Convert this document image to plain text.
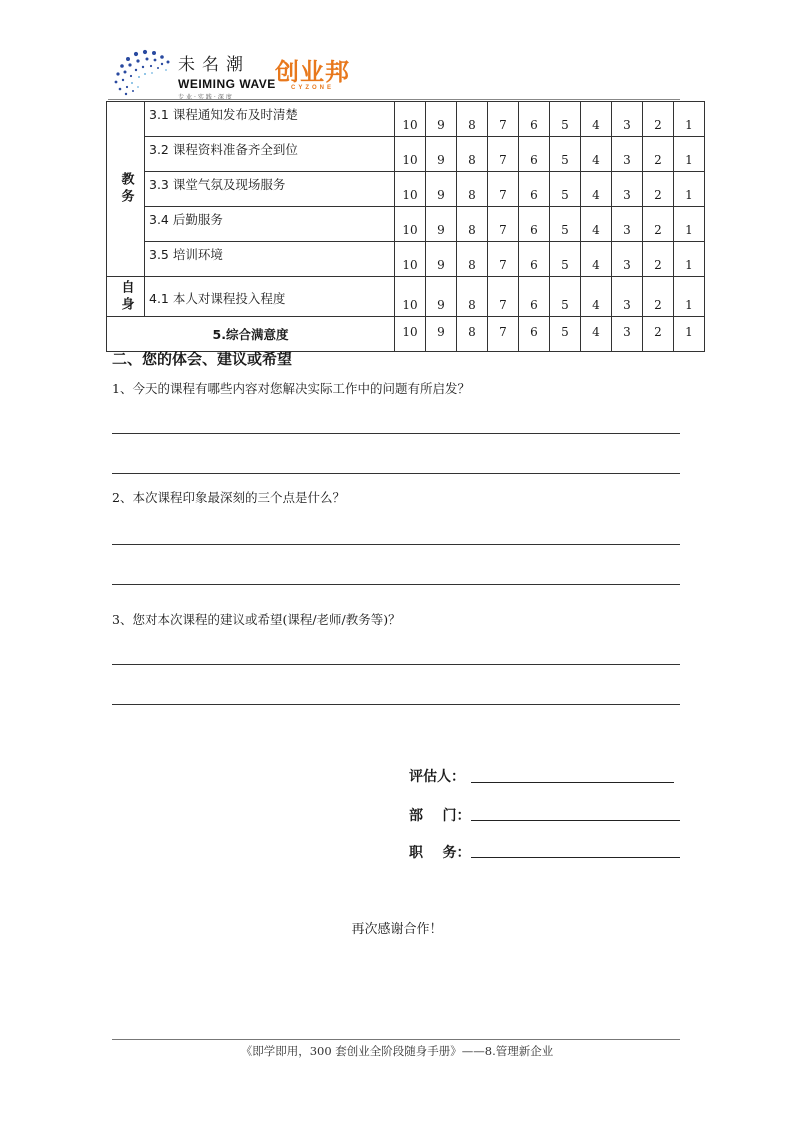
未名潮
WEIMING WAVE
专业·实践·深度
创业邦
CYZONE
教务	3.1 课程通知发布及时清楚	10	9	8	7	6	5	4	3	2	1
	3.2 课程资料准备齐全到位	10	9	8	7	6	5	4	3	2	1
	3.3 课堂气氛及现场服务	10	9	8	7	6	5	4	3	2	1
	3.4 后勤服务	10	9	8	7	6	5	4	3	2	1
	3.5 培训环境	10	9	8	7	6	5	4	3	2	1
自身	4.1 本人对课程投入程度	10	9	8	7	6	5	4	3	2	1
5.综合满意度		10	9	8	7	6	5	4	3	2	1
二、您的体会、建议或希望
1、今天的课程有哪些内容对您解决实际工作中的问题有所启发？
2、本次课程印象最深刻的三个点是什么？
3、您对本次课程的建议或希望(课程/老师/教务等)？
评估人：
部    门：
职    务：
再次感谢合作！
《即学即用，300 套创业全阶段随身手册》——8.管理新企业
